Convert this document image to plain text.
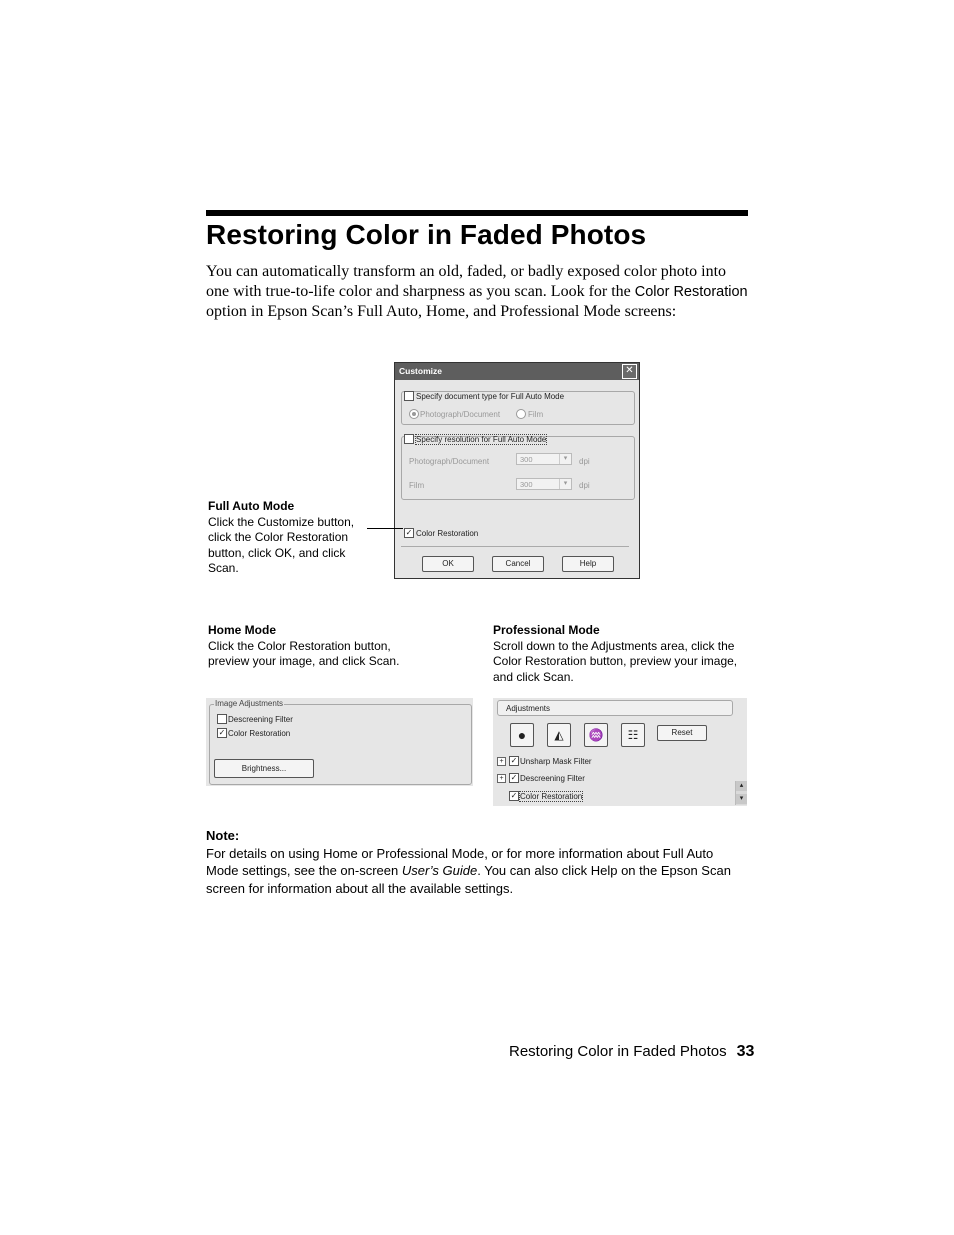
Restoring Color in Faded Photos
You can automatically transform an old, faded, or badly exposed color photo into one with true-to-life color and sharpness as you scan. Look for the Color Restoration option in Epson Scan’s Full Auto, Home, and Professional Mode screens:
Customize	✕
Specify document type for Full Auto Mode
Photograph/Document	Film
Specify resolution for Full Auto Mode
Photograph/Document	300	▾	dpi
Film	300	▾	dpi
✓ Color Restoration
OK	Cancel	Help

Full Auto Mode

Click the Customize button, click the Color Restoration button, click OK, and click Scan.

Home Mode

Click the Color Restoration button, preview your image, and click Scan.

Professional Mode

Scroll down to the Adjustments area, click the Color Restoration button, preview your image, and click Scan.

Image Adjustments
Descreening Filter
✓ Color Restoration
Brightness...
Adjustments
●	◭	♒	☷	Reset
+ ✓ Unsharp Mask Filter
+ ✓ Descreening Filter
✓ Color Restoration
▴
▾
Note:
For details on using Home or Professional Mode, or for more information about Full Auto Mode settings, see the on-screen User’s Guide. You can also click Help on the Epson Scan screen for information about all the available settings.
Restoring Color in Faded Photos 33
